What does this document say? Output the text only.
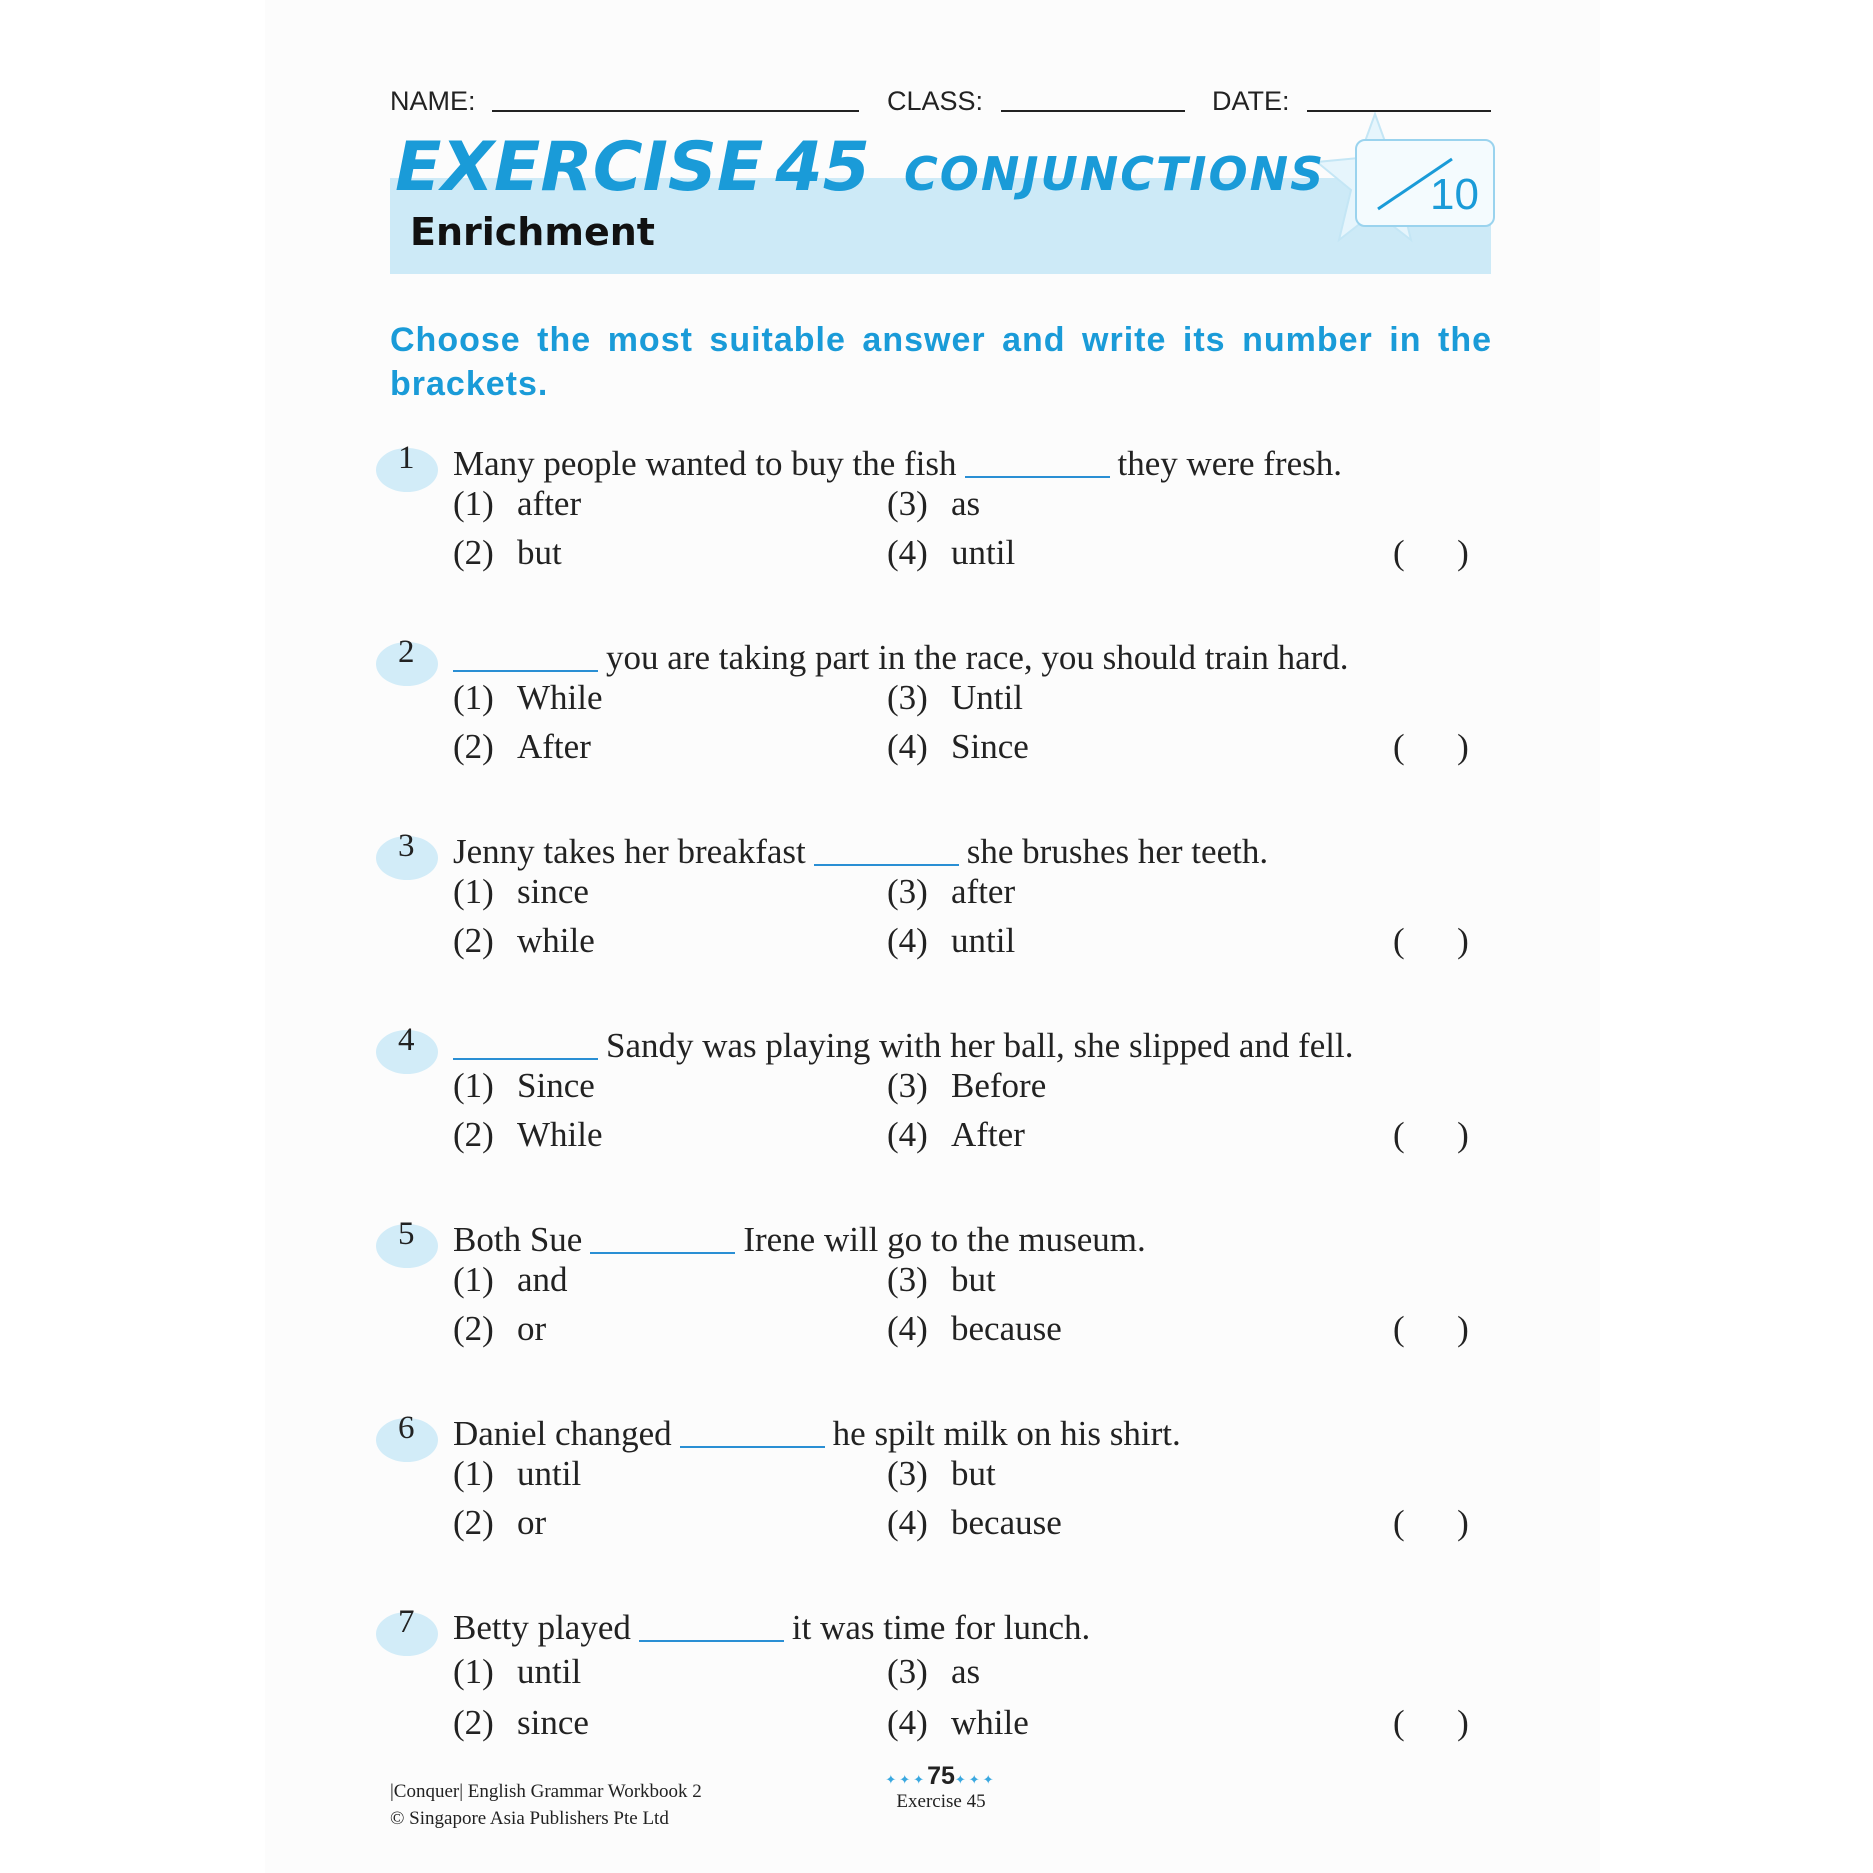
NAME:	CLASS:	DATE:
10
EXERCISE 45 CONJUNCTIONS
Enrichment
Choose the most suitable answer and write its number in the brackets.
1 Many people wanted to buy the fish	they were fresh.
(1) after
(2) but
(3) as
(4) until	(      )
2	you are taking part in the race, you should train hard.
(1) While
(2) After
(3) Until
(4) Since	(      )
3 Jenny takes her breakfast	she brushes her teeth.
(1) since
(2) while
(3) after
(4) until	(      )
4	Sandy was playing with her ball, she slipped and fell.
(1) Since
(2) While
(3) Before
(4) After	(      )
5 Both Sue	Irene will go to the museum.
(1) and
(2) or
(3) but
(4) because	(      )
6 Daniel changed	he spilt milk on his shirt.
(1) until
(2) or
(3) but
(4) because	(      )
7 Betty played	it was time for lunch.
(1) until
(2) since
(3) as
(4) while	(      )
|Conquer| English Grammar Workbook 2
© Singapore Asia Publishers Pte Ltd
✦✦✦75✦✦✦
Exercise 45
